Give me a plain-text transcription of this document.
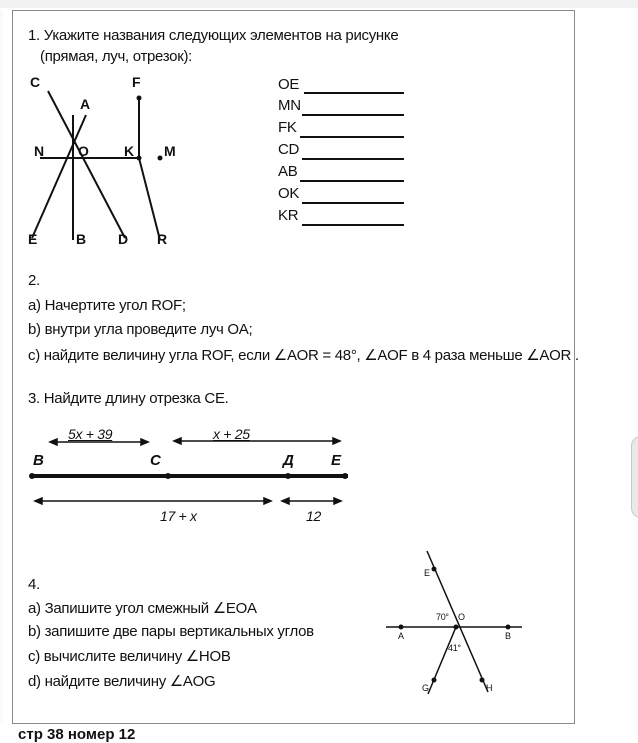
1. Укажите названия следующих элементов на рисунке
(прямая, луч, отрезок):
C
A
F
N O	K M
E	B D R
OE
MN
FK
CD
AB
OK
KR
2.
а) Начертите угол ROF;
b) внутри угла проведите луч OA;
c) найдите величину угла ROF, если ∠AOR = 48°, ∠AOF в 4 раза меньше ∠AOR .
3. Найдите длину отрезка CE.
5x + 39	x + 25
B	C	Д E
17 + x	12
4.
а) Запишите угол смежный ∠EOA
b) запишите две пары вертикальных углов
c) вычислите величину ∠HOB
d) найдите величину ∠AOG
E
A
O
B
G	H
70°
41°
стр 38 номер 12
